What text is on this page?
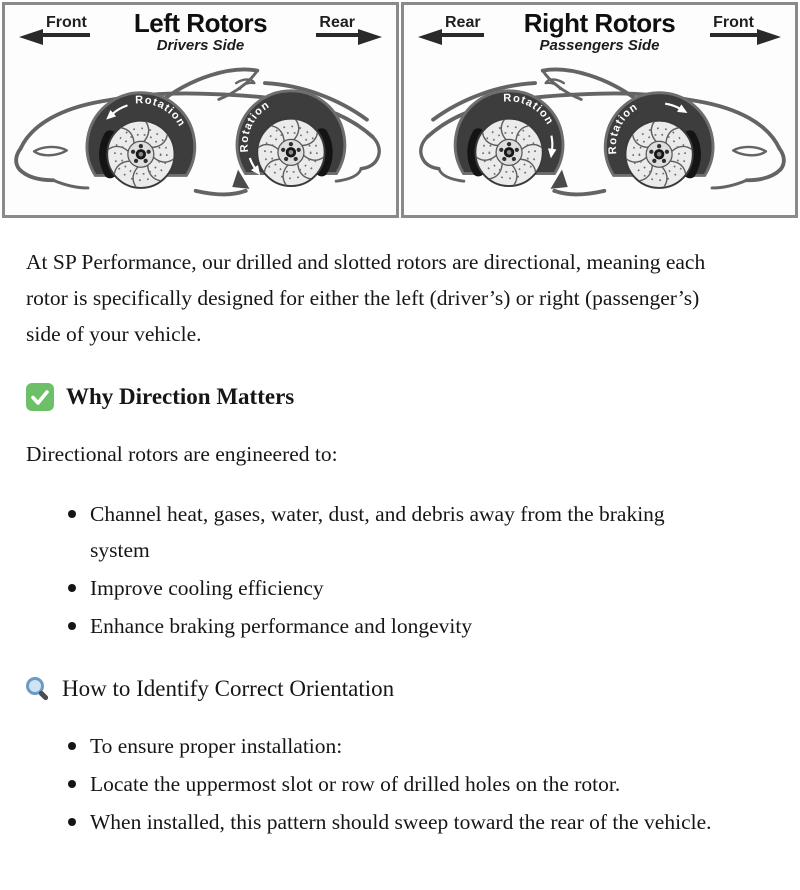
Front	Left Rotors
Drivers Side
Rear
Rotation
Rotation
Rear	Right Rotors
Passengers Side
Front
Rotation
Rotation

At SP Performance, our drilled and slotted rotors are directional, meaning each rotor is specifically designed for either the left (driver’s) or right (passenger’s) side of your vehicle.

Why Direction Matters

Directional rotors are engineered to:

Channel heat, gases, water, dust, and debris away from the braking system
Improve cooling efficiency
Enhance braking performance and longevity
How to Identify Correct Orientation
To ensure proper installation:
Locate the uppermost slot or row of drilled holes on the rotor.
When installed, this pattern should sweep toward the rear of the vehicle.
